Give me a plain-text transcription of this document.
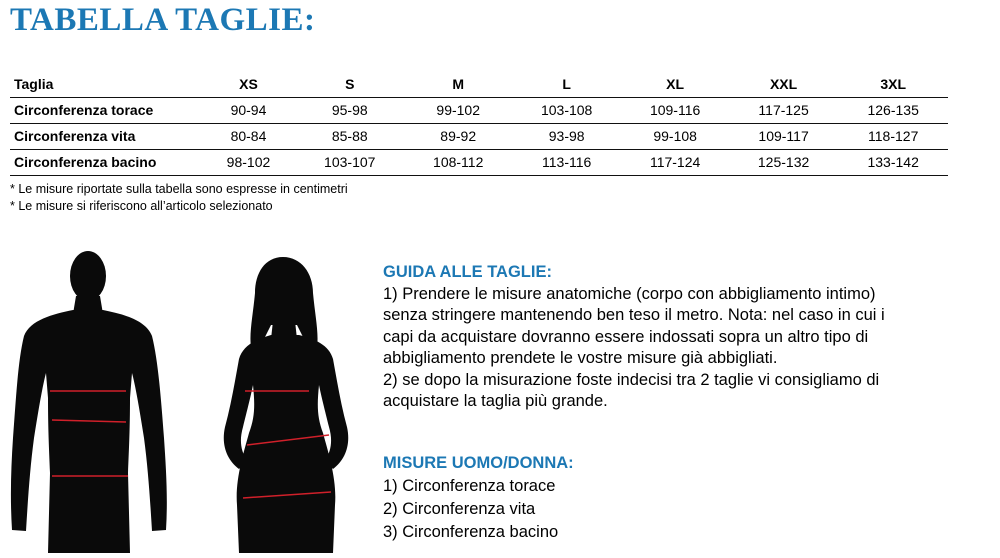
TABELLA TAGLIE:
Taglia	XS	S	M	L	XL	XXL	3XL
Circonferenza torace	90-94	95-98	99-102	103-108	109-116	117-125	126-135
Circonferenza vita	80-84	85-88	89-92	93-98	99-108	109-117	118-127
Circonferenza bacino	98-102	103-107	108-112	113-116	117-124	125-132	133-142
* Le misure riportate sulla tabella sono espresse in centimetri
* Le misure si riferiscono all’articolo selezionato
GUIDA ALLE TAGLIE:

1) Prendere le misure anatomiche (corpo con abbigliamento intimo)

senza stringere mantenendo ben teso il metro. Nota: nel caso in cui i

capi da acquistare dovranno essere indossati sopra un altro tipo di

abbigliamento prendete le vostre misure già abbigliati.

2) se dopo la misurazione foste indecisi tra 2 taglie vi consigliamo di

acquistare la taglia più grande.

MISURE UOMO/DONNA:
1) Circonferenza torace
2) Circonferenza vita
3) Circonferenza bacino
